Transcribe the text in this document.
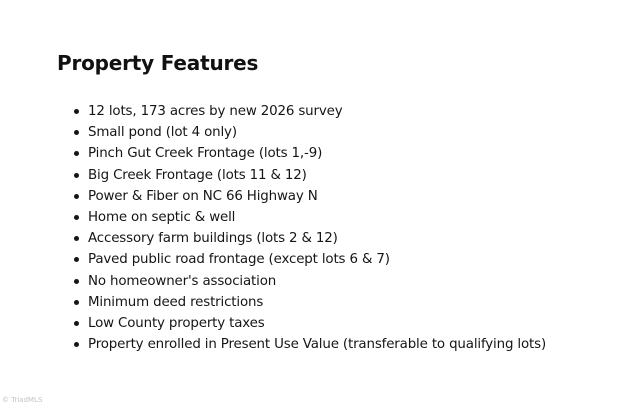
Property Features
12 lots, 173 acres by new 2026 survey
Small pond (lot 4 only)
Pinch Gut Creek Frontage (lots 1,-9)
Big Creek Frontage (lots 11 & 12)
Power & Fiber on NC 66 Highway N
Home on septic & well
Accessory farm buildings (lots 2 & 12)
Paved public road frontage (except lots 6 & 7)
No homeowner's association
Minimum deed restrictions
Low County property taxes
Property enrolled in Present Use Value (transferable to qualifying lots)
© TriadMLS
